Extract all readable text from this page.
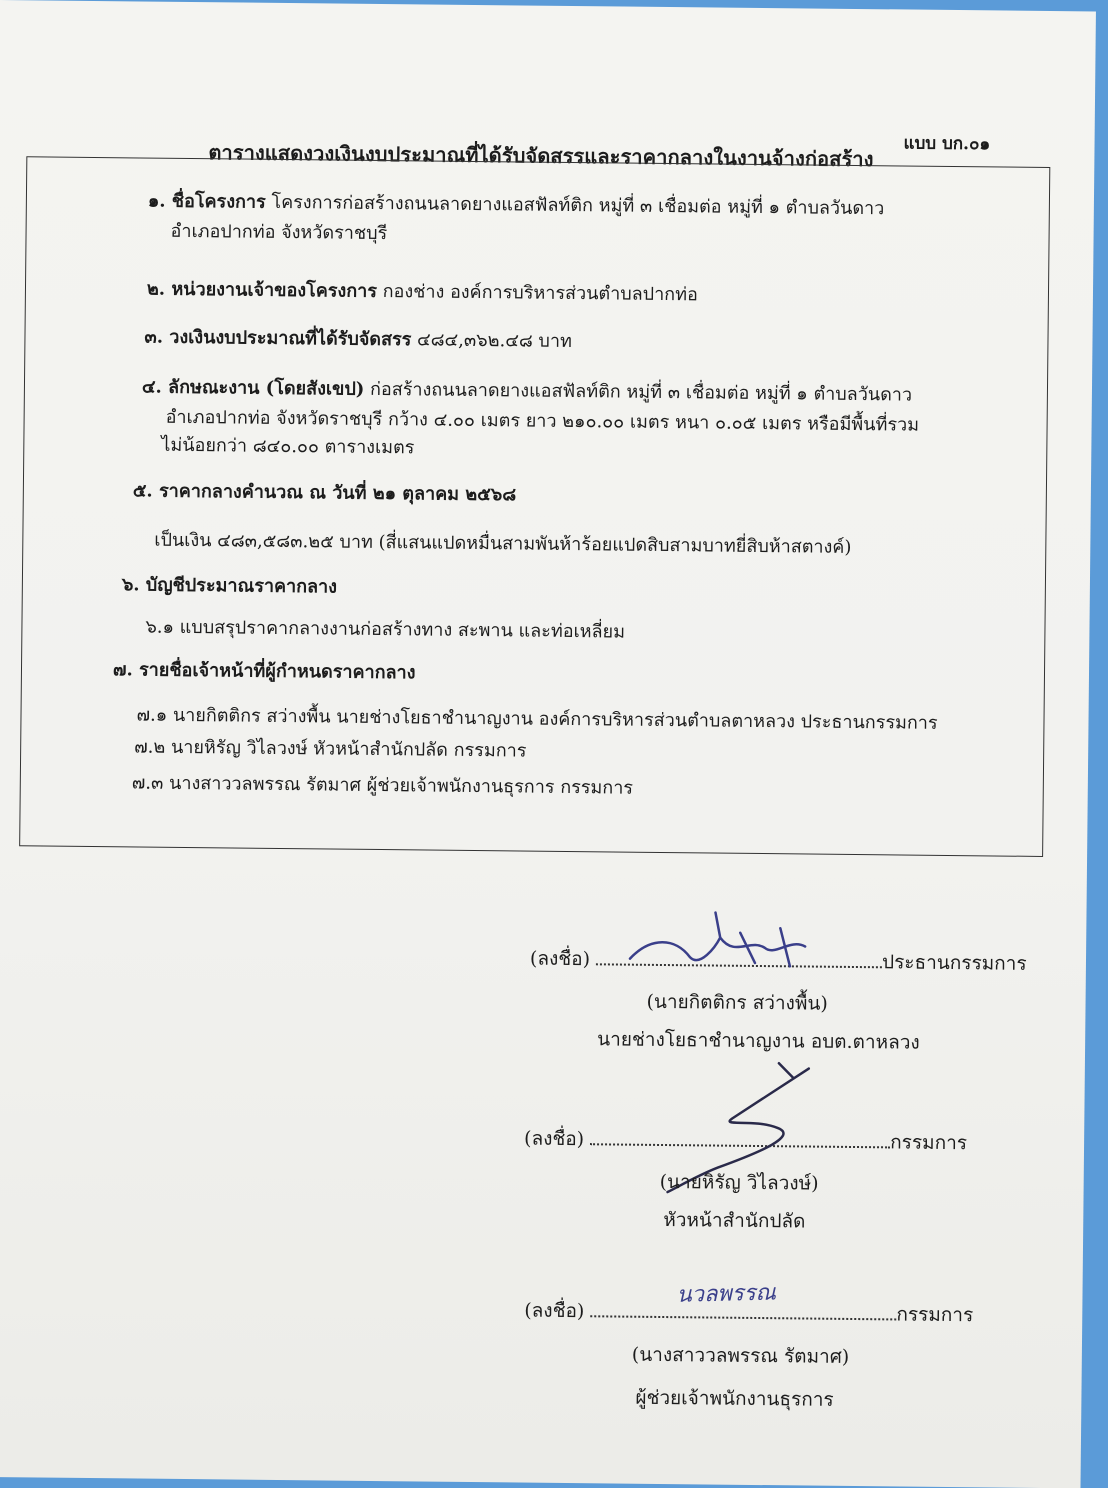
แบบ บก.๐๑
ตารางแสดงวงเงินงบประมาณที่ได้รับจัดสรรและราคากลางในงานจ้างก่อสร้าง
๑. ชื่อโครงการ โครงการก่อสร้างถนนลาดยางแอสฟัลท์ติก หมู่ที่ ๓ เชื่อมต่อ หมู่ที่ ๑ ตำบลวันดาว
อำเภอปากท่อ จังหวัดราชบุรี
๒. หน่วยงานเจ้าของโครงการ กองช่าง องค์การบริหารส่วนตำบลปากท่อ
๓. วงเงินงบประมาณที่ได้รับจัดสรร ๔๘๔,๓๖๒.๔๘ บาท
๔. ลักษณะงาน (โดยสังเขป) ก่อสร้างถนนลาดยางแอสฟัลท์ติก หมู่ที่ ๓ เชื่อมต่อ หมู่ที่ ๑ ตำบลวันดาว
อำเภอปากท่อ จังหวัดราชบุรี กว้าง ๔.๐๐ เมตร ยาว ๒๑๐.๐๐ เมตร หนา ๐.๐๕ เมตร หรือมีพื้นที่รวม
ไม่น้อยกว่า ๘๔๐.๐๐ ตารางเมตร
๕. ราคากลางคำนวณ ณ วันที่ ๒๑ ตุลาคม ๒๕๖๘
เป็นเงิน ๔๘๓,๕๘๓.๒๕ บาท (สี่แสนแปดหมื่นสามพันห้าร้อยแปดสิบสามบาทยี่สิบห้าสตางค์)
๖. บัญชีประมาณราคากลาง
๖.๑ แบบสรุปราคากลางงานก่อสร้างทาง สะพาน และท่อเหลี่ยม
๗. รายชื่อเจ้าหน้าที่ผู้กำหนดราคากลาง
๗.๑ นายกิตติกร สว่างพื้น นายช่างโยธาชำนาญงาน องค์การบริหารส่วนตำบลตาหลวง ประธานกรรมการ
๗.๒ นายหิรัญ วิไลวงษ์ หัวหน้าสำนักปลัด กรรมการ
๗.๓ นางสาววลพรรณ รัตมาศ ผู้ช่วยเจ้าพนักงานธุรการ กรรมการ
(ลงชื่อ)	ประธานกรรมการ
(นายกิตติกร สว่างพื้น)
นายช่างโยธาชำนาญงาน อบต.ตาหลวง
(ลงชื่อ)	กรรมการ
(นายหิรัญ วิไลวงษ์)
หัวหน้าสำนักปลัด
(ลงชื่อ)	กรรมการ
นวลพรรณ
(นางสาววลพรรณ รัตมาศ)
ผู้ช่วยเจ้าพนักงานธุรการ
